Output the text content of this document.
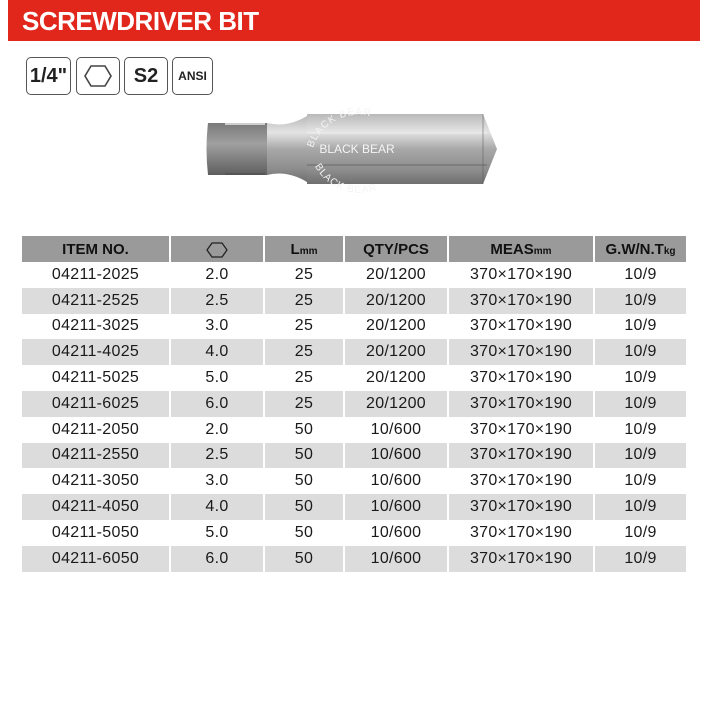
SCREWDRIVER BIT
1/4"	S2	ANSI
BLACK BEAR
BLACK BEAR
BLACK BEAR
ITEM NO.		Lmm	QTY/PCS	MEASmm	G.W/N.Tkg
04211-2025	2.0	25	20/1200	370×170×190	10/9
04211-2525	2.5	25	20/1200	370×170×190	10/9
04211-3025	3.0	25	20/1200	370×170×190	10/9
04211-4025	4.0	25	20/1200	370×170×190	10/9
04211-5025	5.0	25	20/1200	370×170×190	10/9
04211-6025	6.0	25	20/1200	370×170×190	10/9
04211-2050	2.0	50	10/600	370×170×190	10/9
04211-2550	2.5	50	10/600	370×170×190	10/9
04211-3050	3.0	50	10/600	370×170×190	10/9
04211-4050	4.0	50	10/600	370×170×190	10/9
04211-5050	5.0	50	10/600	370×170×190	10/9
04211-6050	6.0	50	10/600	370×170×190	10/9
